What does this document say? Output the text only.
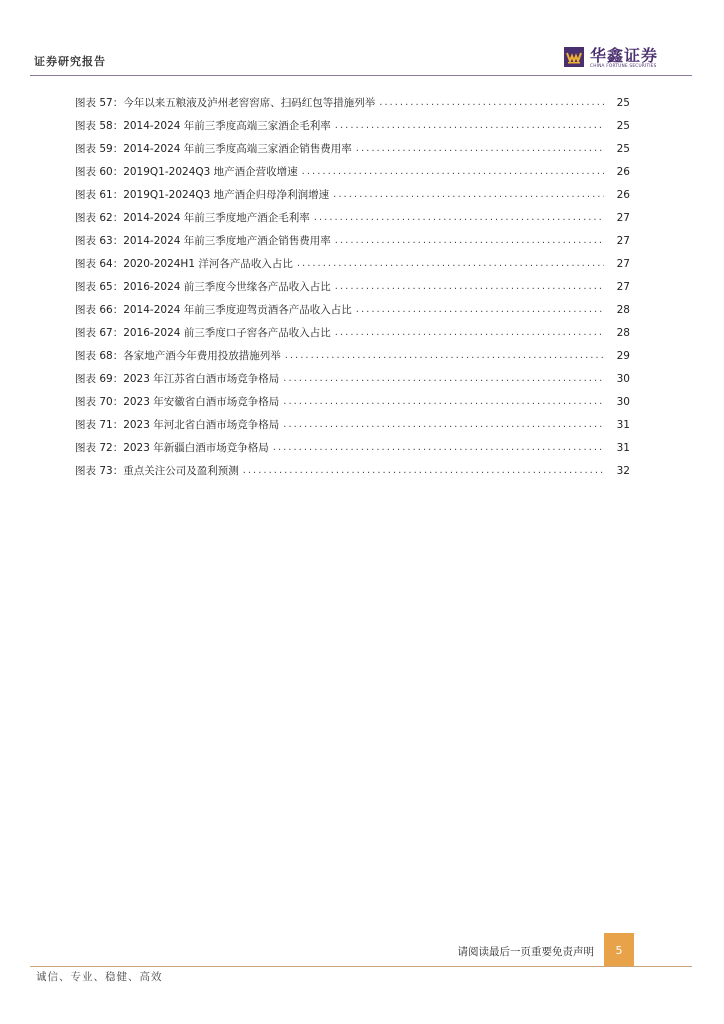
证券研究报告	华鑫证券
CHINA FORTUNE SECURITIES
图表 57：今年以来五粮液及泸州老窖窖席、扫码红包等措施列举 .....	25
图表 58：2014-2024 年前三季度高端三家酒企毛利率 .....	25
图表 59：2014-2024 年前三季度高端三家酒企销售费用率 .....	25
图表 60：2019Q1-2024Q3 地产酒企营收增速 .....	26
图表 61：2019Q1-2024Q3 地产酒企归母净利润增速 .....	26
图表 62：2014-2024 年前三季度地产酒企毛利率 .....	27
图表 63：2014-2024 年前三季度地产酒企销售费用率 .....	27
图表 64：2020-2024H1 洋河各产品收入占比 .....	27
图表 65：2016-2024 前三季度今世缘各产品收入占比 .....	27
图表 66：2014-2024 年前三季度迎驾贡酒各产品收入占比 .....	28
图表 67：2016-2024 前三季度口子窖各产品收入占比 .....	28
图表 68：各家地产酒今年费用投放措施列举 .....	29
图表 69：2023 年江苏省白酒市场竞争格局 .....	30
图表 70：2023 年安徽省白酒市场竞争格局 .....	30
图表 71：2023 年河北省白酒市场竞争格局 .....	31
图表 72：2023 年新疆白酒市场竞争格局 .....	31
图表 73：重点关注公司及盈利预测 .....	32
请阅读最后一页重要免责声明	5
诚信、专业、稳健、高效
